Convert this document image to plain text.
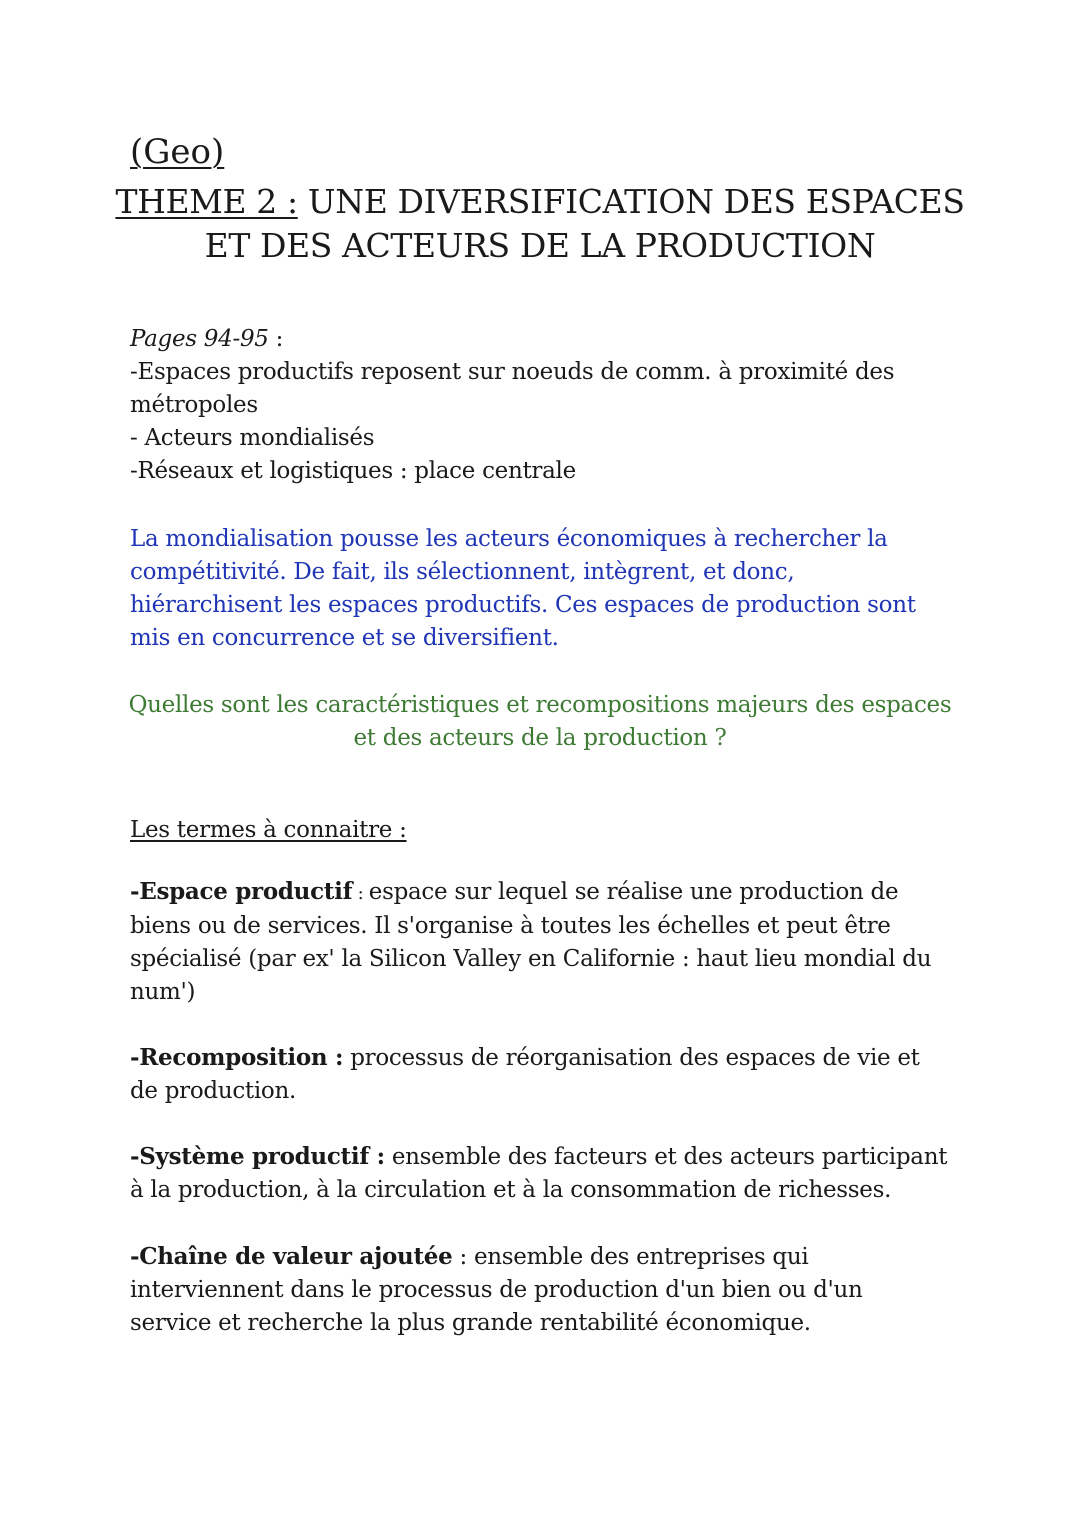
(Geo)
THEME 2 : UNE DIVERSIFICATION DES ESPACES
ET DES ACTEURS DE LA PRODUCTION
Pages 94-95 :
-Espaces productifs reposent sur noeuds de comm. à proximité des métropoles
- Acteurs mondialisés
-Réseaux et logistiques : place centrale
La mondialisation pousse les acteurs économiques à rechercher la compétitivité. De fait, ils sélectionnent, intègrent, et donc, hiérarchisent les espaces productifs. Ces espaces de production sont mis en concurrence et se diversifient.
Quelles sont les caractéristiques et recompositions majeurs des espaces
et des acteurs de la production ?
Les termes à connaitre :
-Espace productif : espace sur lequel se réalise une production de biens ou de services. Il s'organise à toutes les échelles et peut être spécialisé (par ex' la Silicon Valley en Californie : haut lieu mondial du num')
-Recomposition : processus de réorganisation des espaces de vie et de production.
-Système productif : ensemble des facteurs et des acteurs participant à la production, à la circulation et à la consommation de richesses.
-Chaîne de valeur ajoutée : ensemble des entreprises qui interviennent dans le processus de production d'un bien ou d'un service et recherche la plus grande rentabilité économique.
